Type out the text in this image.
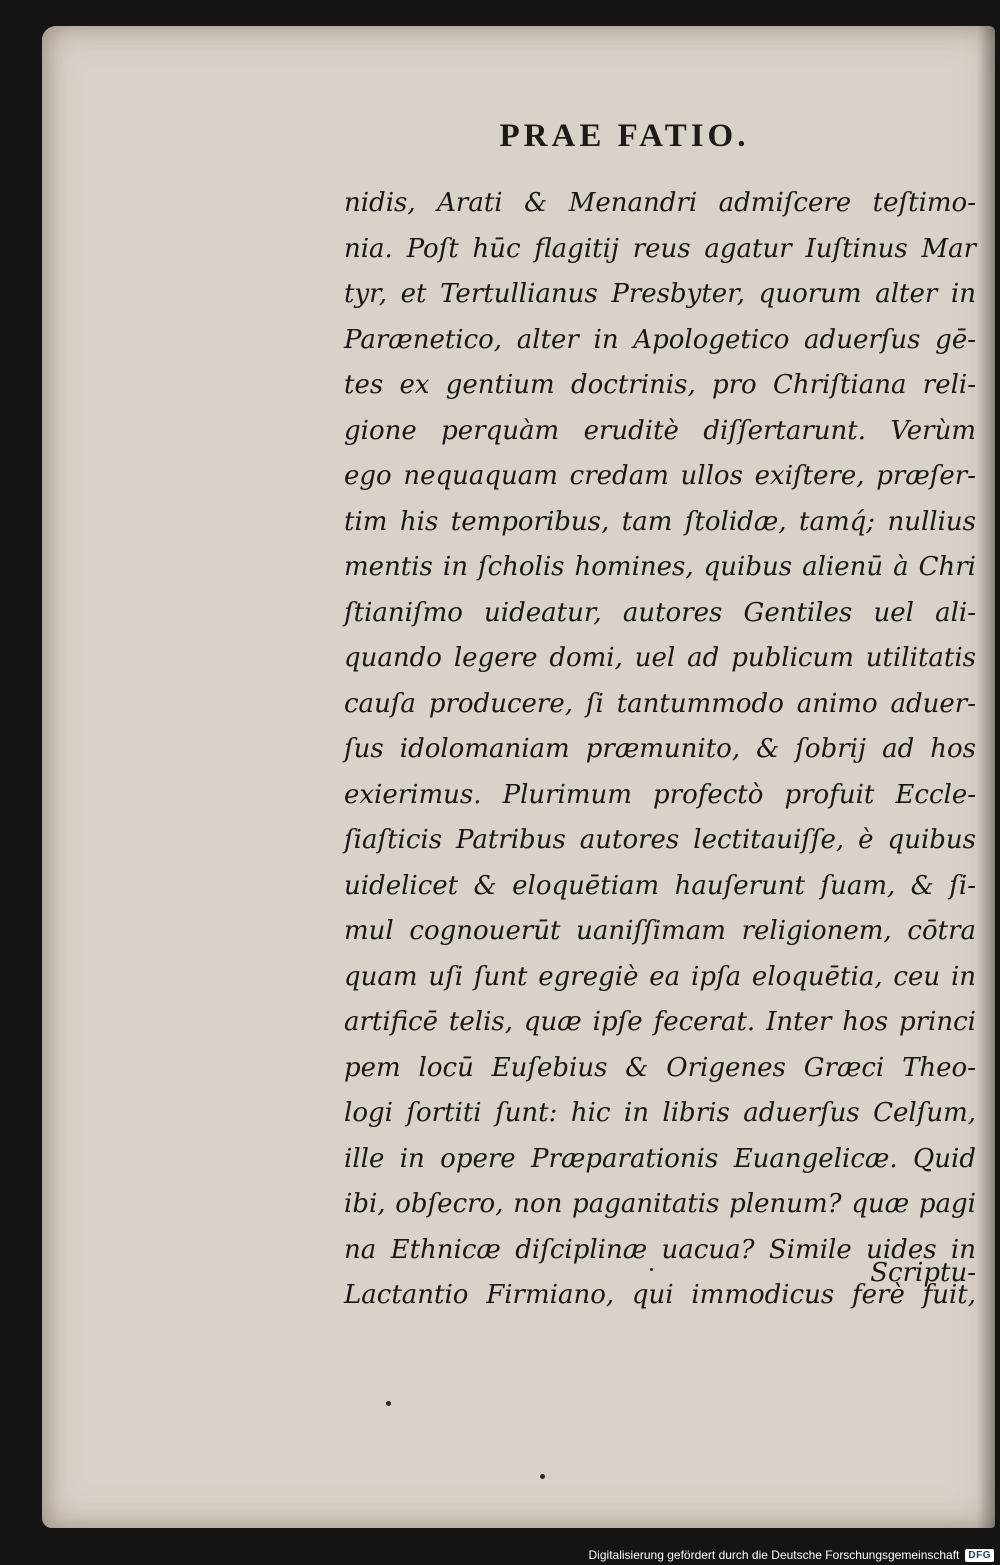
PRAE FATIO.
nidis, Arati & Menandri admiſcere teſtimo-
nia. Poſt hūc flagitij reus agatur Iuſtinus Mar
tyr, et Tertullianus Presbyter, quorum alter in
Parænetico, alter in Apologetico aduerſus gē-
tes ex gentium doctrinis, pro Chriſtiana reli-
gione perquàm eruditè diſſertarunt. Verùm
ego nequaquam credam ullos exiſtere, præſer-
tim his temporibus, tam ſtolidæ, tamq́; nullius
mentis in ſcholis homines, quibus alienū à Chri
ſtianiſmo uideatur, autores Gentiles uel ali-
quando legere domi, uel ad publicum utilitatis
cauſa producere, ſi tantummodo animo aduer-
ſus idolomaniam præmunito, & ſobrij ad hos
exierimus. Plurimum profectò profuit Eccle-
ſiaſticis Patribus autores lectitauiſſe, è quibus
uidelicet & eloquētiam hauſerunt ſuam, & ſi-
mul cognouerūt uaniſſimam religionem, cōtra
quam uſi ſunt egregiè ea ipſa eloquētia, ceu in
artificē telis, quæ ipſe fecerat. Inter hos princi
pem locū Euſebius & Origenes Græci Theo-
logi ſortiti ſunt: hic in libris aduerſus Celſum,
ille in opere Præparationis Euangelicæ. Quid
ibi, obſecro, non paganitatis plenum? quæ pagi
na Ethnicæ diſciplinæ uacua? Simile uides in
Lactantio Firmiano, qui immodicus ferè fuit,
Scriptu-
Digitalisierung gefördert durch die Deutsche Forschungsgemeinschaft DFG
